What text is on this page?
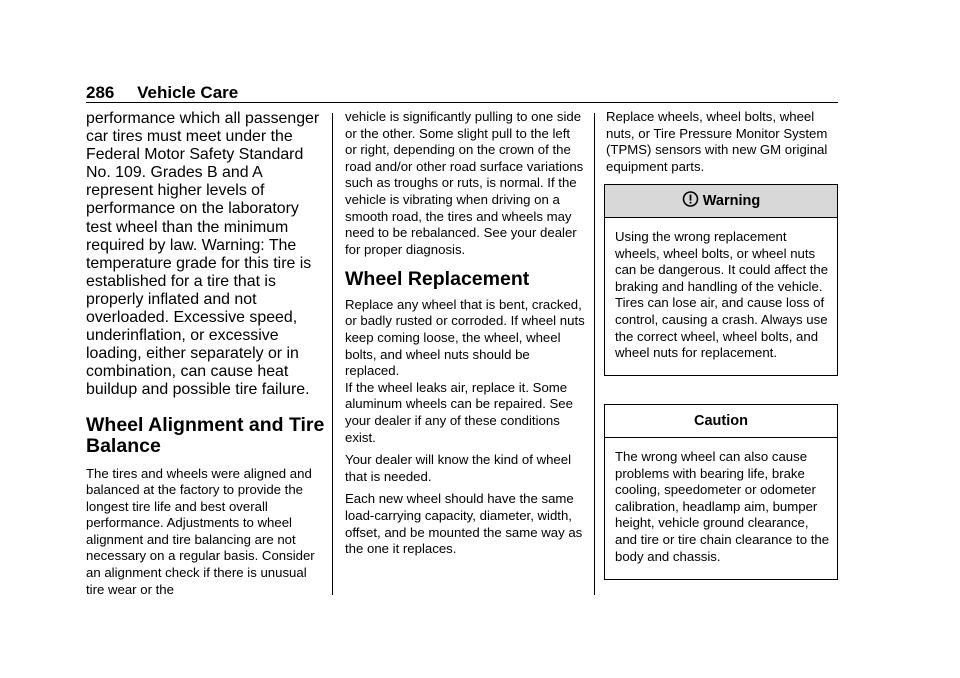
286 Vehicle Care

performance which all passenger car tires must meet under the Federal Motor Safety Standard No. 109. Grades B and A represent higher levels of performance on the laboratory test wheel than the minimum required by law. Warning: The temperature grade for this tire is established for a tire that is properly inflated and not overloaded. Excessive speed, underinflation, or excessive loading, either separately or in combination, can cause heat buildup and possible tire failure.

Wheel Alignment and Tire Balance

The tires and wheels were aligned and balanced at the factory to provide the longest tire life and best overall performance. Adjustments to wheel alignment and tire balancing are not necessary on a regular basis. Consider an alignment check if there is unusual tire wear or the

vehicle is significantly pulling to one side or the other. Some slight pull to the left or right, depending on the crown of the road and/or other road surface variations such as troughs or ruts, is normal. If the vehicle is vibrating when driving on a smooth road, the tires and wheels may need to be rebalanced. See your dealer for proper diagnosis.

Wheel Replacement

Replace any wheel that is bent, cracked, or badly rusted or corroded. If wheel nuts keep coming loose, the wheel, wheel bolts, and wheel nuts should be replaced.

If the wheel leaks air, replace it. Some aluminum wheels can be repaired. See your dealer if any of these conditions exist.

Your dealer will know the kind of wheel that is needed.

Each new wheel should have the same load-carrying capacity, diameter, width, offset, and be mounted the same way as the one it replaces.

Replace wheels, wheel bolts, wheel nuts, or Tire Pressure Monitor System (TPMS) sensors with new GM original equipment parts.

Warning
Using the wrong replacement wheels, wheel bolts, or wheel nuts can be dangerous. It could affect the braking and handling of the vehicle. Tires can lose air, and cause loss of control, causing a crash. Always use the correct wheel, wheel bolts, and wheel nuts for replacement.
Caution
The wrong wheel can also cause problems with bearing life, brake cooling, speedometer or odometer calibration, headlamp aim, bumper height, vehicle ground clearance, and tire or tire chain clearance to the body and chassis.
